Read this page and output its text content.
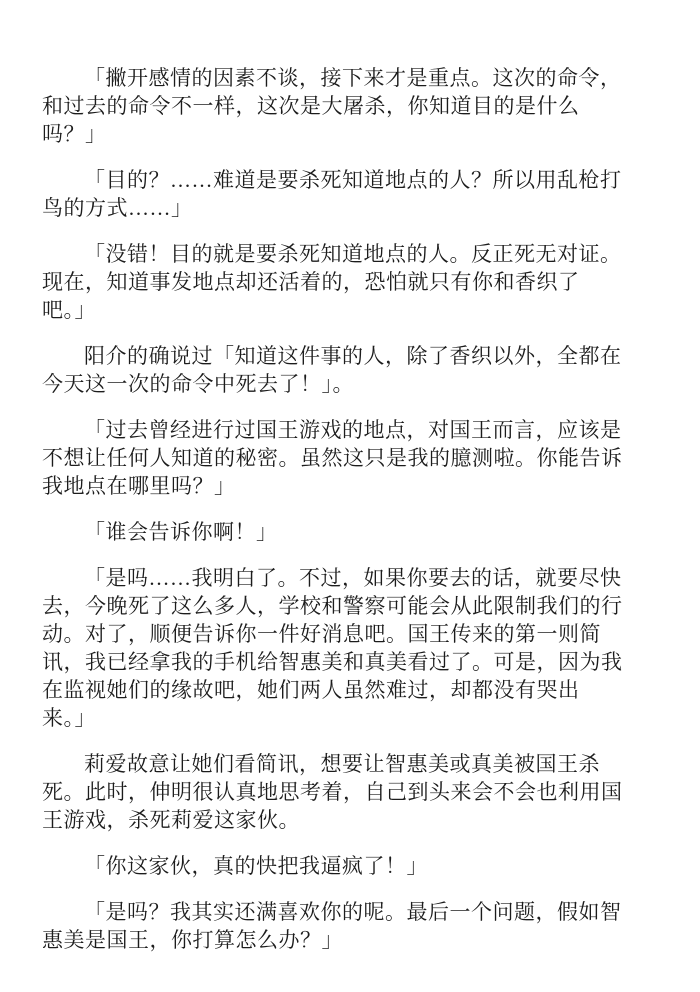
「撇开感情的因素不谈，接下来才是重点。这次的命令，
和过去的命令不一样，这次是大屠杀，你知道目的是什么
吗？」
「目的？……难道是要杀死知道地点的人？所以用乱枪打
鸟的方式……」
「没错！目的就是要杀死知道地点的人。反正死无对证。
现在，知道事发地点却还活着的，恐怕就只有你和香织了
吧。」
阳介的确说过「知道这件事的人，除了香织以外，全都在
今天这一次的命令中死去了！」。
「过去曾经进行过国王游戏的地点，对国王而言，应该是
不想让任何人知道的秘密。虽然这只是我的臆测啦。你能告诉
我地点在哪里吗？」
「谁会告诉你啊！」
「是吗……我明白了。不过，如果你要去的话，就要尽快
去，今晚死了这么多人，学校和警察可能会从此限制我们的行
动。对了，顺便告诉你一件好消息吧。国王传来的第一则简
讯，我已经拿我的手机给智惠美和真美看过了。可是，因为我
在监视她们的缘故吧，她们两人虽然难过，却都没有哭出
来。」
莉爱故意让她们看简讯，想要让智惠美或真美被国王杀
死。此时，伸明很认真地思考着，自己到头来会不会也利用国
王游戏，杀死莉爱这家伙。
「你这家伙，真的快把我逼疯了！」
「是吗？我其实还满喜欢你的呢。最后一个问题，假如智
惠美是国王，你打算怎么办？」
